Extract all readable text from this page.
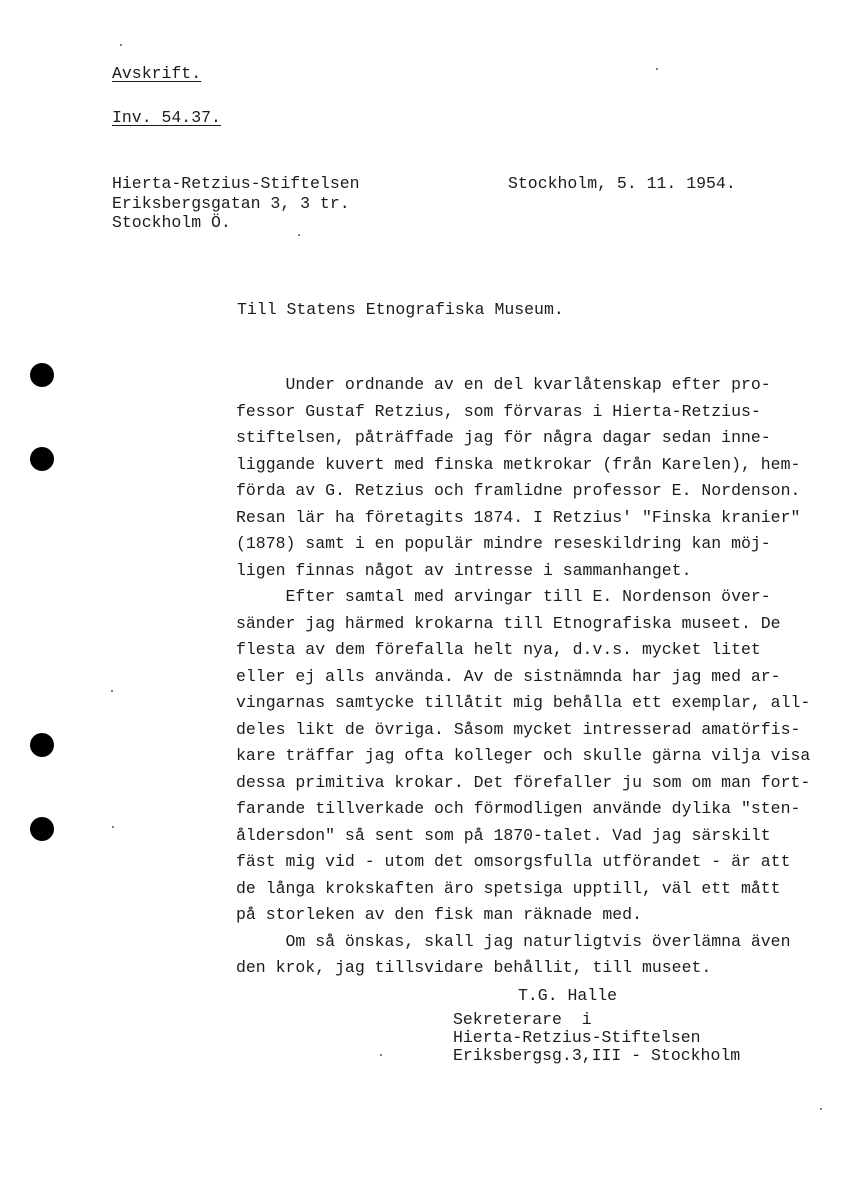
Avskrift.
Inv. 54.37.
Hierta-Retzius-Stiftelsen
Eriksbergsgatan 3, 3 tr.
Stockholm Ö.
Stockholm, 5. 11. 1954.
Till Statens Etnografiska Museum.
Under ordnande av en del kvarlåtenskap efter pro-
fessor Gustaf Retzius, som förvaras i Hierta-Retzius-
stiftelsen, påträffade jag för några dagar sedan inne-
liggande kuvert med finska metkrokar (från Karelen), hem-
förda av G. Retzius och framlidne professor E. Nordenson.
Resan lär ha företagits 1874. I Retzius' "Finska kranier"
(1878) samt i en populär mindre reseskildring kan möj-
ligen finnas något av intresse i sammanhanget.
Efter samtal med arvingar till E. Nordenson över-
sänder jag härmed krokarna till Etnografiska museet. De
flesta av dem förefalla helt nya, d.v.s. mycket litet
eller ej alls använda. Av de sistnämnda har jag med ar-
vingarnas samtycke tillåtit mig behålla ett exemplar, all-
deles likt de övriga. Såsom mycket intresserad amatörfis-
kare träffar jag ofta kolleger och skulle gärna vilja visa
dessa primitiva krokar. Det förefaller ju som om man fort-
farande tillverkade och förmodligen använde dylika "sten-
åldersdon" så sent som på 1870-talet. Vad jag särskilt
fäst mig vid - utom det omsorgsfulla utförandet - är att
de långa krokskaften äro spetsiga upptill, väl ett mått
på storleken av den fisk man räknade med.
Om så önskas, skall jag naturligtvis överlämna även
den krok, jag tillsvidare behållit, till museet.
T.G. Halle
Sekreterare  i
Hierta-Retzius-Stiftelsen
Eriksbergsg.3,III - Stockholm
